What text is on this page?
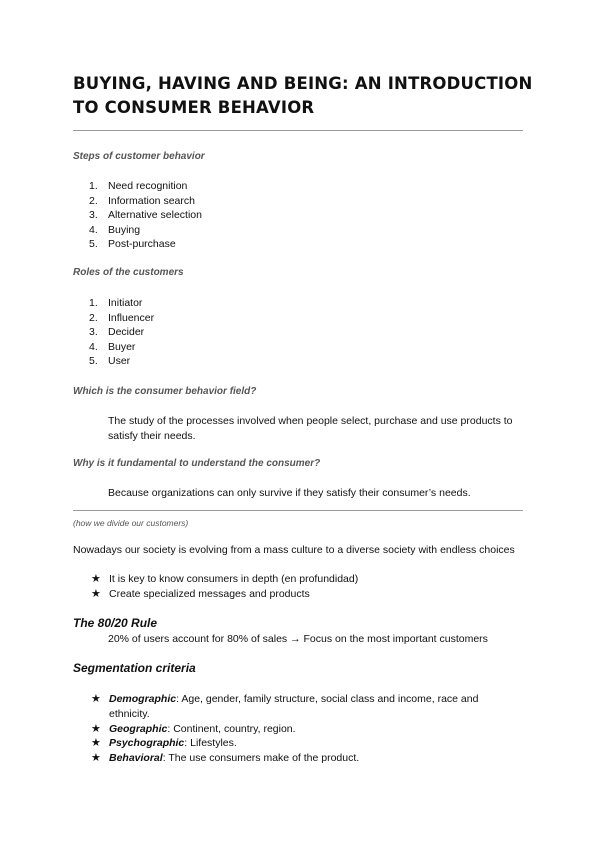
BUYING, HAVING AND BEING: AN INTRODUCTION TO CONSUMER BEHAVIOR

Steps of customer behavior

1. Need recognition
2. Information search
3. Alternative selection
4. Buying
5. Post-purchase

Roles of the customers

1. Initiator
2. Influencer
3. Decider
4. Buyer
5. User

Which is the consumer behavior field?

The study of the processes involved when people select, purchase and use products to satisfy their needs.

Why is it fundamental to understand the consumer?

Because organizations can only survive if they satisfy their consumer’s needs.

(how we divide our customers)

Nowadays our society is evolving from a mass culture to a diverse society with endless choices

★ It is key to know consumers in depth (en profundidad)
★ Create specialized messages and products

The 80/20 Rule

20% of users account for 80% of sales → Focus on the most important customers

Segmentation criteria

★ Demographic: Age, gender, family structure, social class and income, race and ethnicity.
★ Geographic: Continent, country, region.
★ Psychographic: Lifestyles.
★ Behavioral: The use consumers make of the product.
